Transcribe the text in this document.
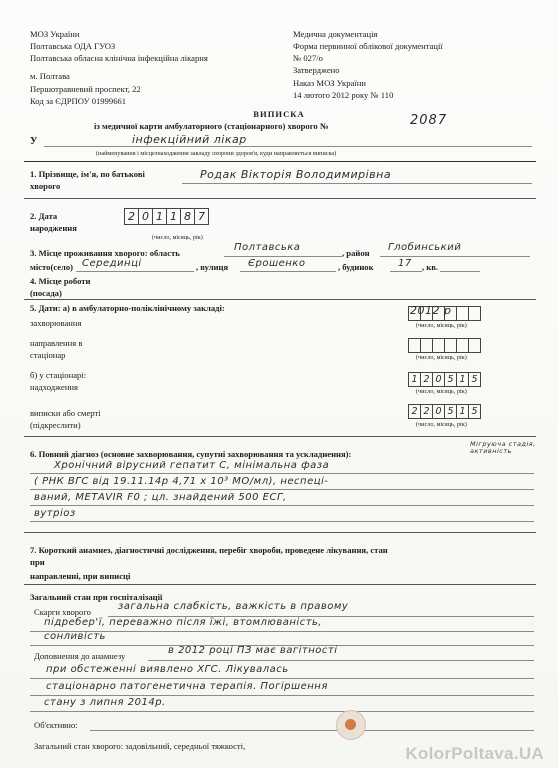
МОЗ України
Полтавська ОДА ГУОЗ
Полтавська обласна клінічна інфекційна лікарня
м. Полтава
Першотравневий проспект, 22
Код за ЄДРПОУ 01999661
Медична документація
Форма первинної облікової документації
№ 027/о
Затверджено
Наказ МОЗ України
14 лютого 2012 року № 110
ВИПИСКА
із медичної карти амбулаторного (стаціонарного) хворого №	2087
У	інфекційний лікар
(найменування і місцезнаходження закладу охорони здоров'я, куди направляється виписка)
1. Прізвище, ім'я, по батькові
хворого
Родак Вікторія Володимирівна
2. Дата
народження
2 0 1 1 8 7
(число, місяць, рік)
3. Місце проживання хворого: область	Полтавська	, район Глобинський
місто(село) Серединці	, вулиця Єрошенко	, будинок 17 , кв.
4. Місце роботи
(посада)
5. Дати: а) в амбулаторно-поліклінічному закладі:
захворювання
2012 р
(число, місяць, рік)
направлення в
стаціонар	(число, місяць, рік)
б) у стаціонарі:
надходження
1 2 0 5 1 5
(число, місяць, рік)
виписки або смерті
(підкреслити)
2 2 0 5 1 5
(число, місяць, рік)
6. Повний діагноз (основне захворювання, супутні захворювання та ускладнення):
Мігруюча стадія, активність
Хронічний вірусний гепатит С, мінімальна фаза
( РНК ВГС від 19.11.14р 4,71 х 10³ МО/мл), неспеці-
ваний, МЕТАVIR F0 ; цл. знайдений 500 ЕСГ,
вутріоз
7. Короткий анамнез, діагностичні дослідження, перебіг хвороби, проведене лікування, стан
при
направленні, при виписці
Загальний стан при госпіталізації
Скарги хворого	загальна слабкість, важкість в правому
підребер'ї, переважно після їжі, втомлюваність,
сонливість
Доповнення до анамнезу	в 2012 році ПЗ має вагітності
при обстеженні виявлено ХГС. Лікувалась
стаціонарно патогенетична терапія. Погіршення
стану з липня 2014р.
Об'єктивно:
Загальний стан хворого: задовільний, середньої тяжкості,	KolorPoltava.UA
